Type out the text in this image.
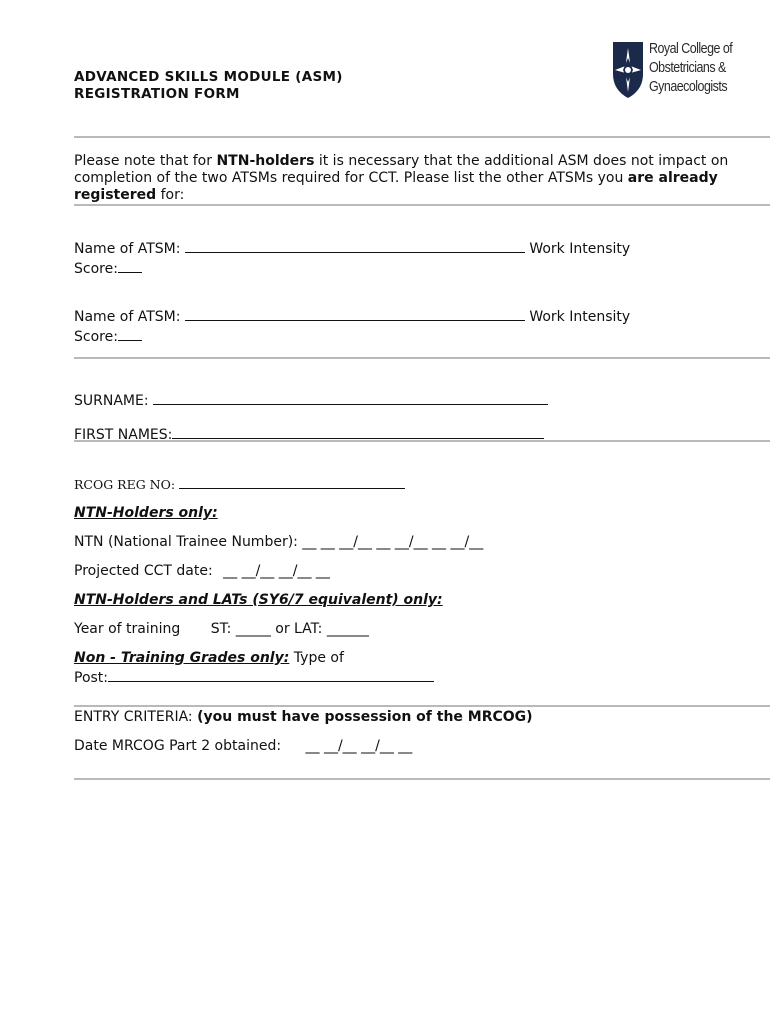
ADVANCED SKILLS MODULE (ASM)
REGISTRATION FORM
Royal College of
Obstetricians &
Gynaecologists
Please note that for NTN-holders it is necessary that the additional ASM does not impact on completion of the two ATSMs required for CCT. Please list the other ATSMs you are already registered for:
Name of ATSM:	Work Intensity
Score:
Name of ATSM:	Work Intensity
Score:
SURNAME:
FIRST NAMES:
RCOG REG NO:
NTN-Holders only:
NTN (National Trainee Number): __ __ __/__ __ __/__ __ __/__
Projected CCT date: __ __/__ __/__ __
NTN-Holders and LATs (SY6/7 equivalent) only:
Year of training ST: _____ or LAT: ______
Non - Training Grades only: Type of
Post:
ENTRY CRITERIA: (you must have possession of the MRCOG)
Date MRCOG Part 2 obtained: __ __/__ __/__ __
